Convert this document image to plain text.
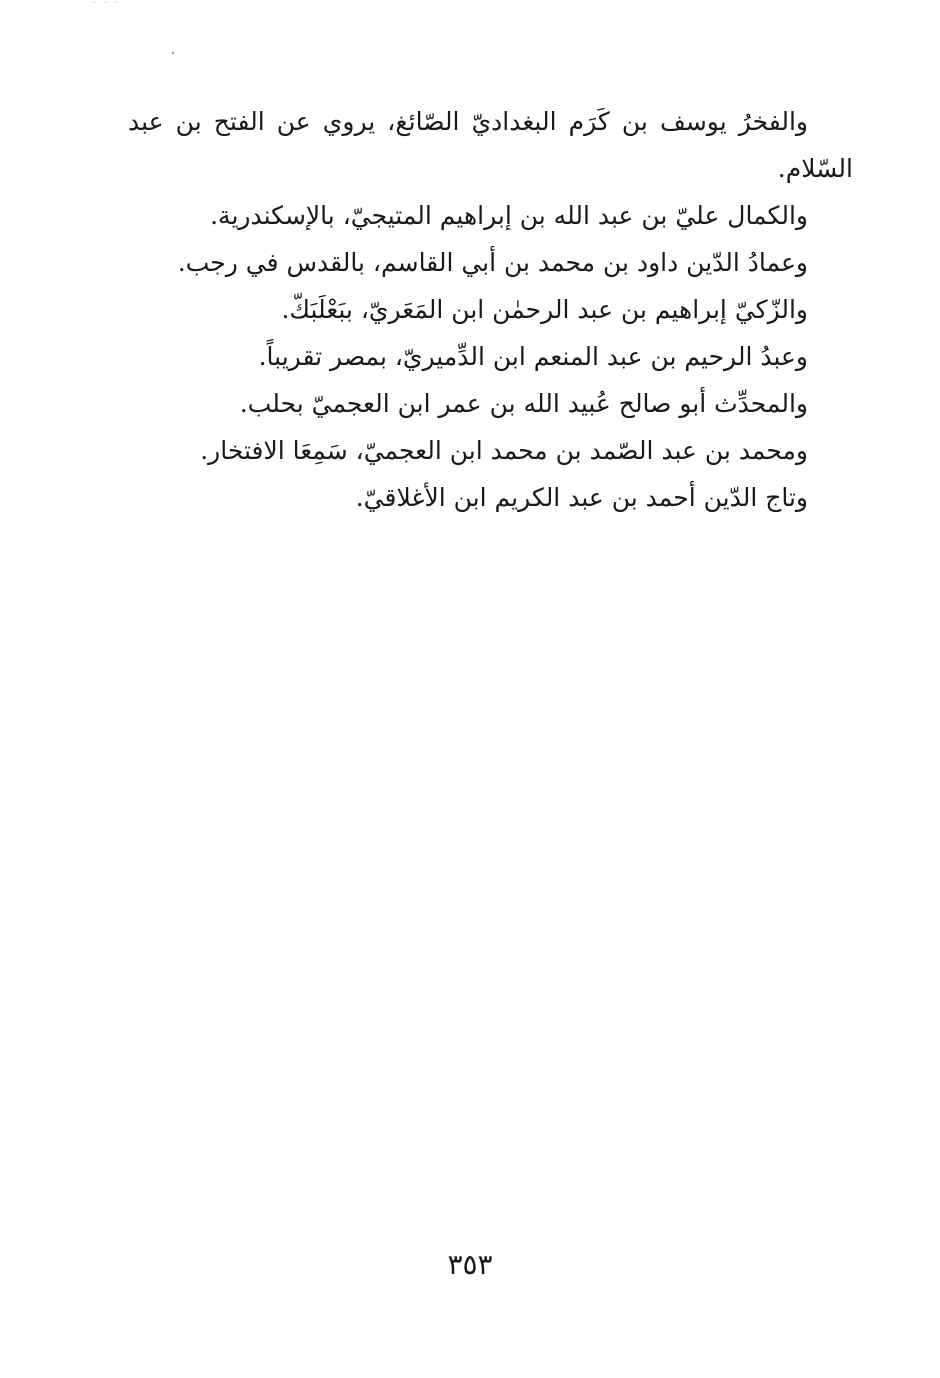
‾ ‾ ՝
والفخرُ يوسف بن كَرَم البغداديّ الصّائغ، يروي عن الفتح بن عبد
السّلام.
والكمال عليّ بن عبد الله بن إبراهيم المتيجيّ، بالإسكندرية.
وعمادُ الدّين داود بن محمد بن أبي القاسم، بالقدس في رجب.
والزّكيّ إبراهيم بن عبد الرحمٰن ابن المَعَريّ، ببَعْلَبَكّ.
وعبدُ الرحيم بن عبد المنعم ابن الدِّميريّ، بمصر تقريباً.
والمحدِّث أبو صالح عُبيد الله بن عمر ابن العجميّ بحلب.
ومحمد بن عبد الصّمد بن محمد ابن العجميّ، سَمِعَا الافتخار.
وتاج الدّين أحمد بن عبد الكريم ابن الأغلاقيّ.
٣٥٣
